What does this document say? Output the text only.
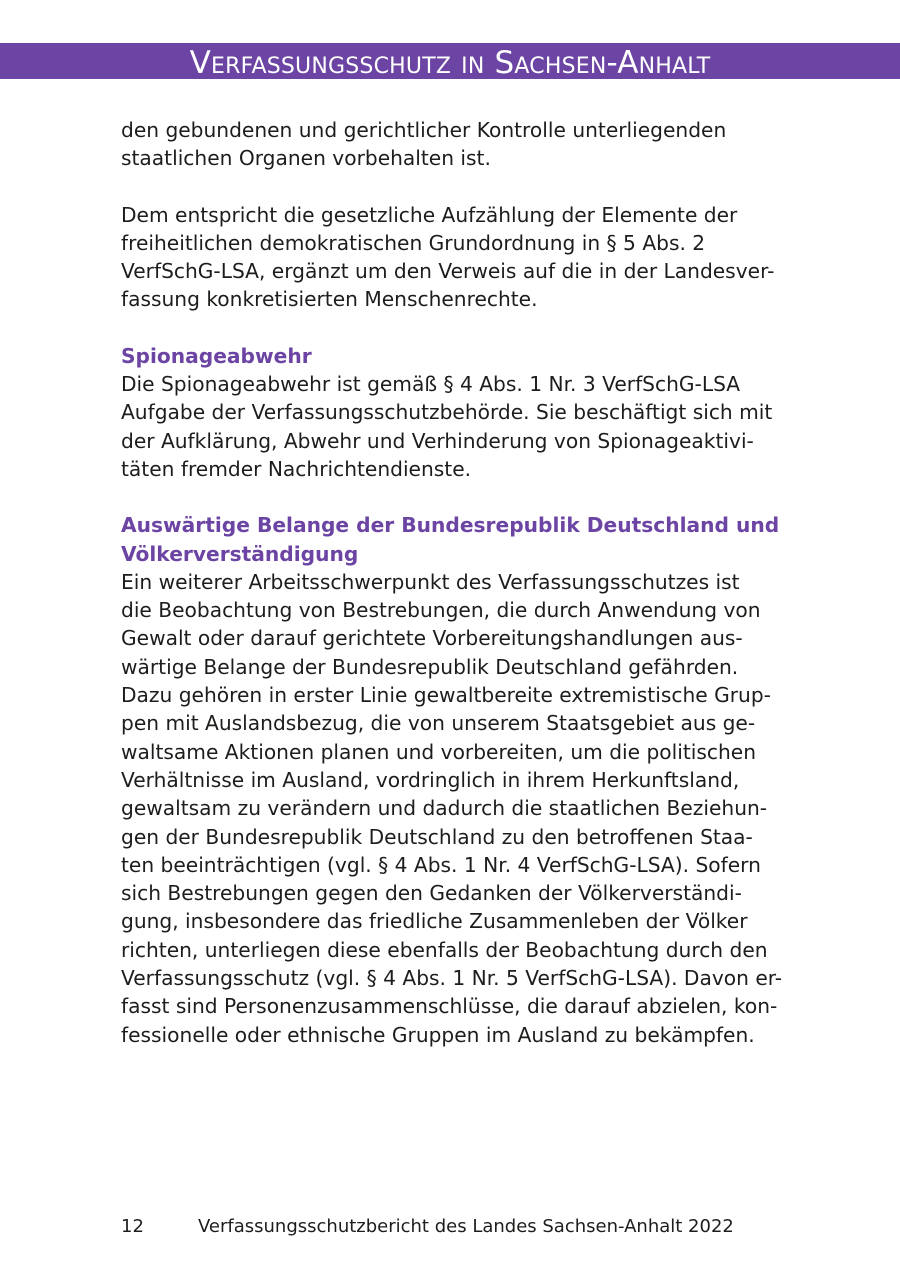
Verfassungsschutz in Sachsen-Anhalt

den gebundenen und gerichtlicher Kontrolle unterliegenden
staatlichen Organen vorbehalten ist.

Dem entspricht die gesetzliche Aufzählung der Elemente der
freiheitlichen demokratischen Grundordnung in § 5 Abs. 2
VerfSchG-LSA, ergänzt um den Verweis auf die in der Landesver-
fassung konkretisierten Menschenrechte.

Spionageabwehr

Die Spionageabwehr ist gemäß § 4 Abs. 1 Nr. 3 VerfSchG-LSA
Aufgabe der Verfassungsschutzbehörde. Sie beschäftigt sich mit
der Aufklärung, Abwehr und Verhinderung von Spionageaktivi-
täten fremder Nachrichtendienste.

Auswärtige Belange der Bundesrepublik Deutschland und
Völkerverständigung

Ein weiterer Arbeitsschwerpunkt des Verfassungsschutzes ist
die Beobachtung von Bestrebungen, die durch Anwendung von
Gewalt oder darauf gerichtete Vorbereitungshandlungen aus-
wärtige Belange der Bundesrepublik Deutschland gefährden.
Dazu gehören in erster Linie gewaltbereite extremistische Grup-
pen mit Auslandsbezug, die von unserem Staatsgebiet aus ge-
waltsame Aktionen planen und vorbereiten, um die politischen
Verhältnisse im Ausland, vordringlich in ihrem Herkunftsland,
gewaltsam zu verändern und dadurch die staatlichen Beziehun-
gen der Bundesrepublik Deutschland zu den betroffenen Staa-
ten beeinträchtigen (vgl. § 4 Abs. 1 Nr. 4 VerfSchG-LSA). Sofern
sich Bestrebungen gegen den Gedanken der Völkerverständi-
gung, insbesondere das friedliche Zusammenleben der Völker
richten, unterliegen diese ebenfalls der Beobachtung durch den
Verfassungsschutz (vgl. § 4 Abs. 1 Nr. 5 VerfSchG-LSA). Davon er-
fasst sind Personenzusammenschlüsse, die darauf abzielen, kon-
fessionelle oder ethnische Gruppen im Ausland zu bekämpfen.

12	Verfassungsschutzbericht des Landes Sachsen-Anhalt 2022
